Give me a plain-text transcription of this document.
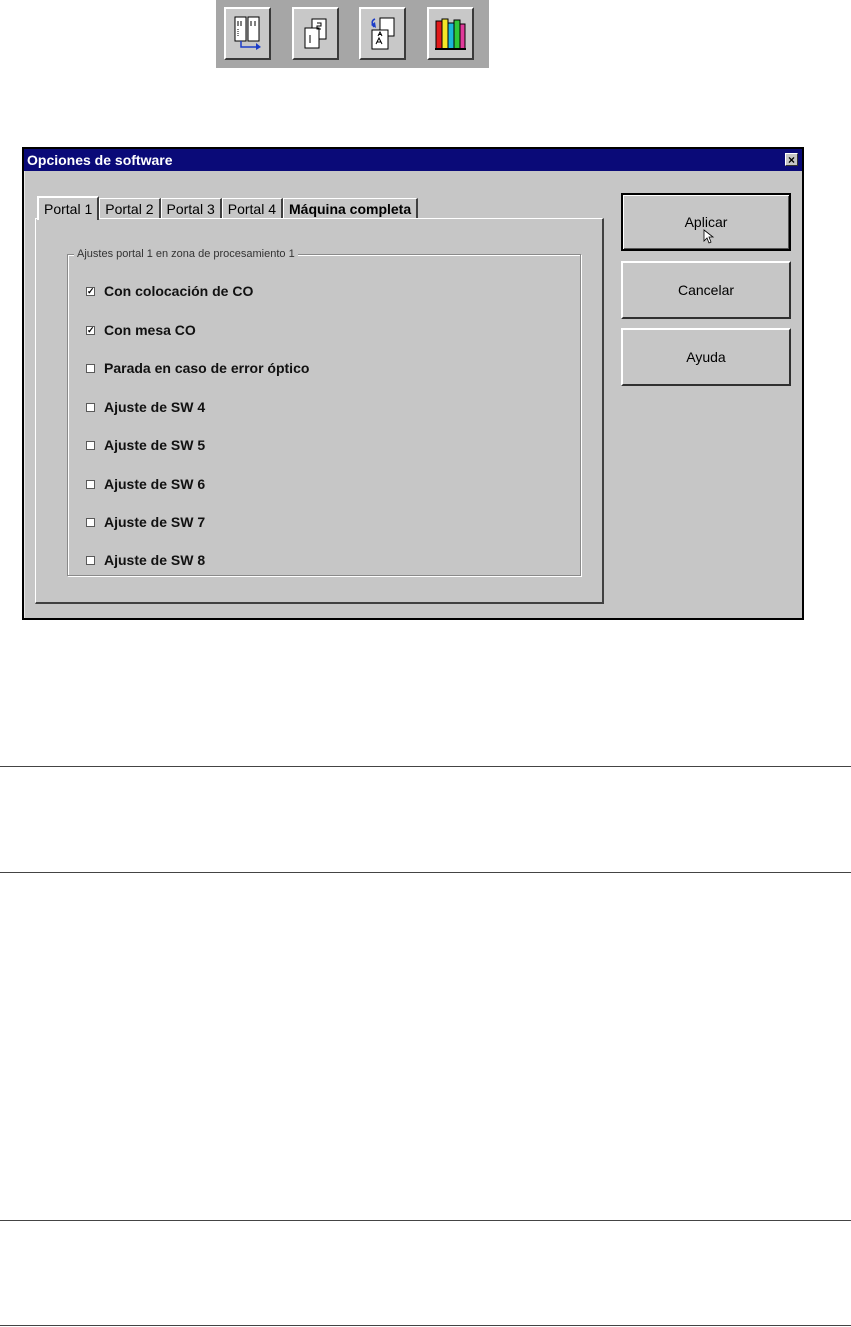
Opciones de software	×
Portal 1 Portal 2 Portal 3 Portal 4 Máquina completa
Ajustes portal 1 en zona de procesamiento 1
✓ Con colocación de CO
✓ Con mesa CO
Parada en caso de error óptico
Ajuste de SW 4
Ajuste de SW 5
Ajuste de SW 6
Ajuste de SW 7
Ajuste de SW 8
Aplicar
Cancelar
Ayuda
